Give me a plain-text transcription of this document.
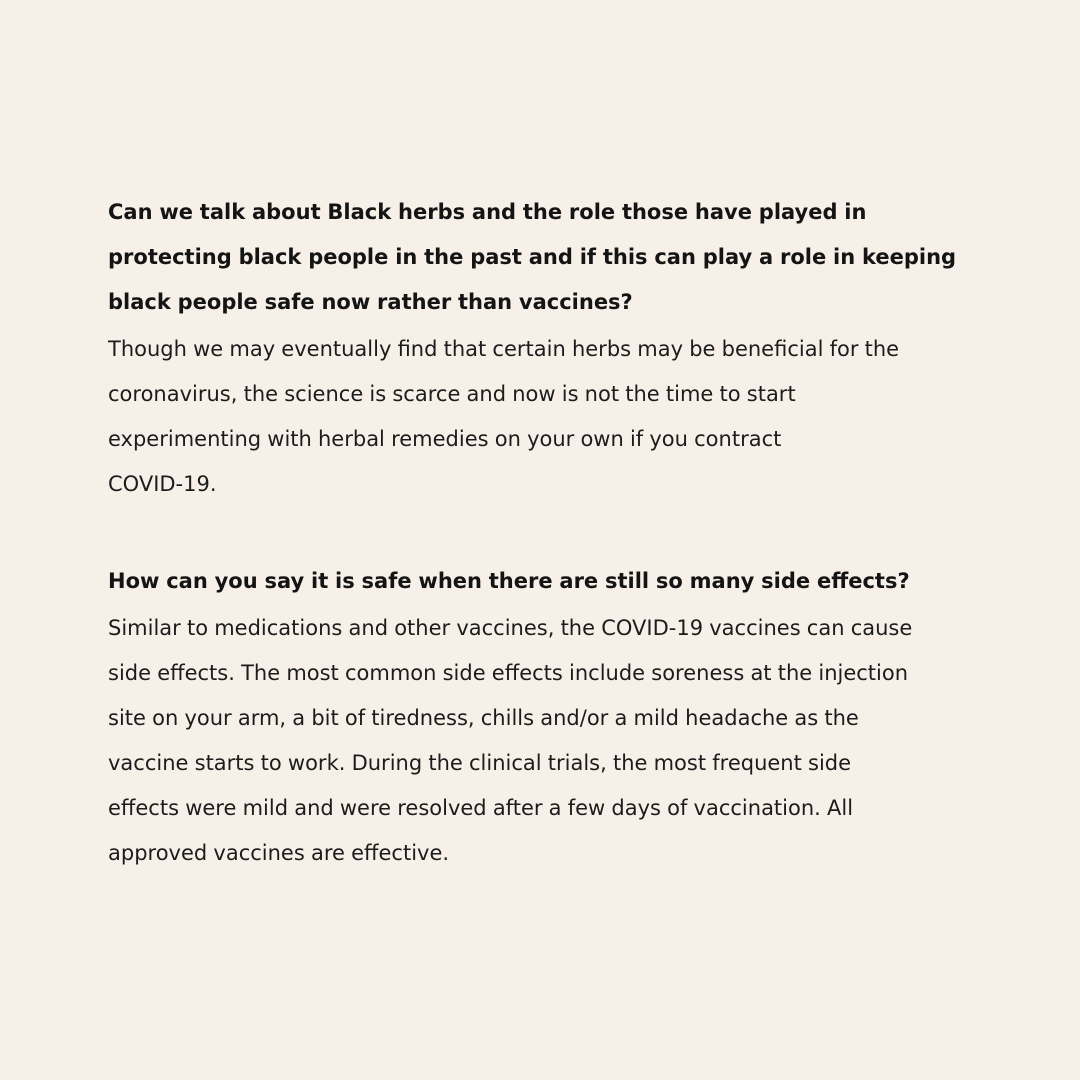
Can we talk about Black herbs and the role those have played in
protecting black people in the past and if this can play a role in keeping
black people safe now rather than vaccines?

Though we may eventually find that certain herbs may be beneficial for the
coronavirus, the science is scarce and now is not the time to start
experimenting with herbal remedies on your own if you contract
COVID-19.

How can you say it is safe when there are still so many side effects?

Similar to medications and other vaccines, the COVID-19 vaccines can cause
side effects. The most common side effects include soreness at the injection
site on your arm, a bit of tiredness, chills and/or a mild headache as the
vaccine starts to work. During the clinical trials, the most frequent side
effects were mild and were resolved after a few days of vaccination. All
approved vaccines are effective.
